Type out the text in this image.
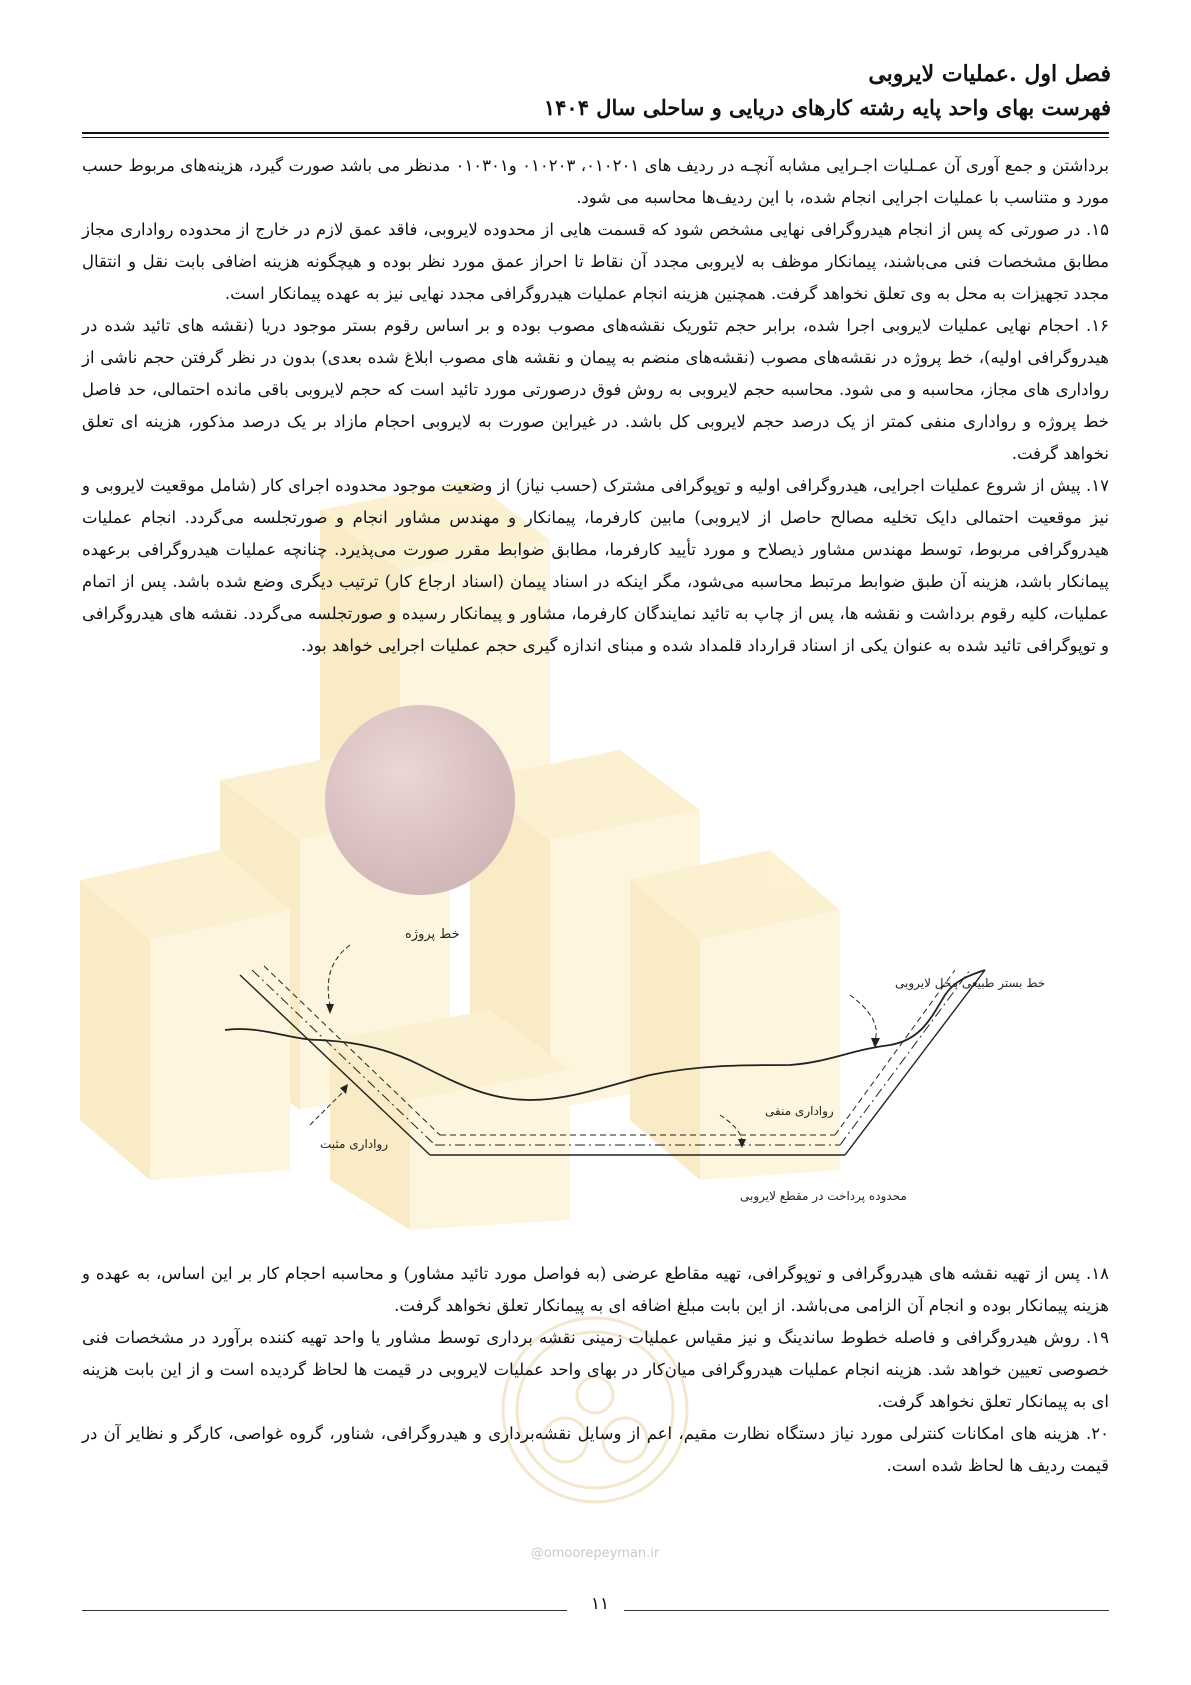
فصل اول .عملیات لایروبی
فهرست بهای واحد پایه رشته کارهای دریایی و ساحلی سال ۱۴۰۴

برداشتن و جمع آوری آن عمـلیات اجـرایی مشابه آنچـه در ردیف های ۰۱۰۲۰۱، ۰۱۰۲۰۳ و۰۱۰۳۰۱ مدنظر می باشد صورت گیرد، هزینه‌های مربوط حسب مورد و متناسب با عملیات اجرایی انجام شده، با این ردیف‌ها محاسبه می شود.

۱۵. در صورتی که پس از انجام هیدروگرافی نهایی مشخص شود که قسمت هایی از محدوده لایروبی، فاقد عمق لازم در خارج از محدوده رواداری مجاز مطابق مشخصات فنی می‌باشند، پیمانکار موظف به لایروبی مجدد آن نقاط تا احراز عمق مورد نظر بوده و هیچگونه هزینه اضافی بابت نقل و انتقال مجدد تجهیزات به محل به وی تعلق نخواهد گرفت. همچنین هزینه انجام عملیات هیدروگرافی مجدد نهایی نیز به عهده پیمانکار است.

۱۶. احجام نهایی عملیات لایروبی اجرا شده، برابر حجم تئوریک نقشه‌های مصوب بوده و بر اساس رقوم بستر موجود دریا (نقشه های تائید شده در هیدروگرافی اولیه)، خط پروژه در نقشه‌های مصوب (نقشه‌های منضم به پیمان و نقشه های مصوب ابلاغ شده بعدی) بدون در نظر گرفتن حجم ناشی از رواداری های مجاز، محاسبه و می شود. محاسبه حجم لایروبی به روش فوق درصورتی مورد تائید است که حجم لایروبی باقی مانده احتمالی، حد فاصل خط پروژه و رواداری منفی کمتر از یک درصد حجم لایروبی کل باشد. در غیراین صورت به لایروبی احجام مازاد بر یک درصد مذکور، هزینه ای تعلق نخواهد گرفت.

۱۷. پیش از شروع عملیات اجرایی، هیدروگرافی اولیه و توپوگرافی مشترک (حسب نیاز) از وضعیت موجود محدوده اجرای کار (شامل موقعیت لایروبی و نیز موقعیت احتمالی دایک تخلیه مصالح حاصل از لایروبی) مابین کارفرما، پیمانکار و مهندس مشاور انجام و صورتجلسه می‌گردد. انجام عملیات هیدروگرافی مربوط، توسط مهندس مشاور ذیصلاح و مورد تأیید کارفرما، مطابق ضوابط مقرر صورت می‌پذیرد. چنانچه عملیات هیدروگرافی برعهده پیمانکار باشد، هزینه آن طبق ضوابط مرتبط محاسبه می‌شود، مگر اینکه در اسناد پیمان (اسناد ارجاع کار) ترتیب دیگری وضع شده باشد. پس از اتمام عملیات، کلیه رقوم برداشت و نقشه ها، پس از چاپ به تائید نمایندگان کارفرما، مشاور و پیمانکار رسیده و صورتجلسه می‌گردد. نقشه های هیدروگرافی و توپوگرافی تائید شده به عنوان یکی از اسناد قرارداد قلمداد شده و مبنای اندازه گیری حجم عملیات اجرایی خواهد بود.

خط پروژه
خط بستر طبیعی محل لایروبی
رواداری منفی
رواداری مثبت
محدوده پرداخت در مقطع لایروبی
@omoorepeyman.ir

۱۸. پس از تهیه نقشه های هیدروگرافی و توپوگرافی، تهیه مقاطع عرضی (به فواصل مورد تائید مشاور) و محاسبه احجام کار بر این اساس، به عهده و هزینه پیمانکار بوده و انجام آن الزامی می‌باشد. از این بابت مبلغ اضافه ای به پیمانکار تعلق نخواهد گرفت.

۱۹. روش هیدروگرافی و فاصله خطوط ساندینگ و نیز مقیاس عملیات زمینی نقشه برداری توسط مشاور یا واحد تهیه کننده برآورد در مشخصات فنی خصوصی تعیین خواهد شد. هزینه انجام عملیات هیدروگرافی میان‌کار در بهای واحد عملیات لایروبی در قیمت ها لحاظ گردیده است و از این بابت هزینه ای به پیمانکار تعلق نخواهد گرفت.

۲۰. هزینه های امکانات کنترلی مورد نیاز دستگاه نظارت مقیم، اعم از وسایل نقشه‌برداری و هیدروگرافی، شناور، گروه غواصی، کارگر و نظایر آن در قیمت ردیف ها لحاظ شده است.

۱۱
